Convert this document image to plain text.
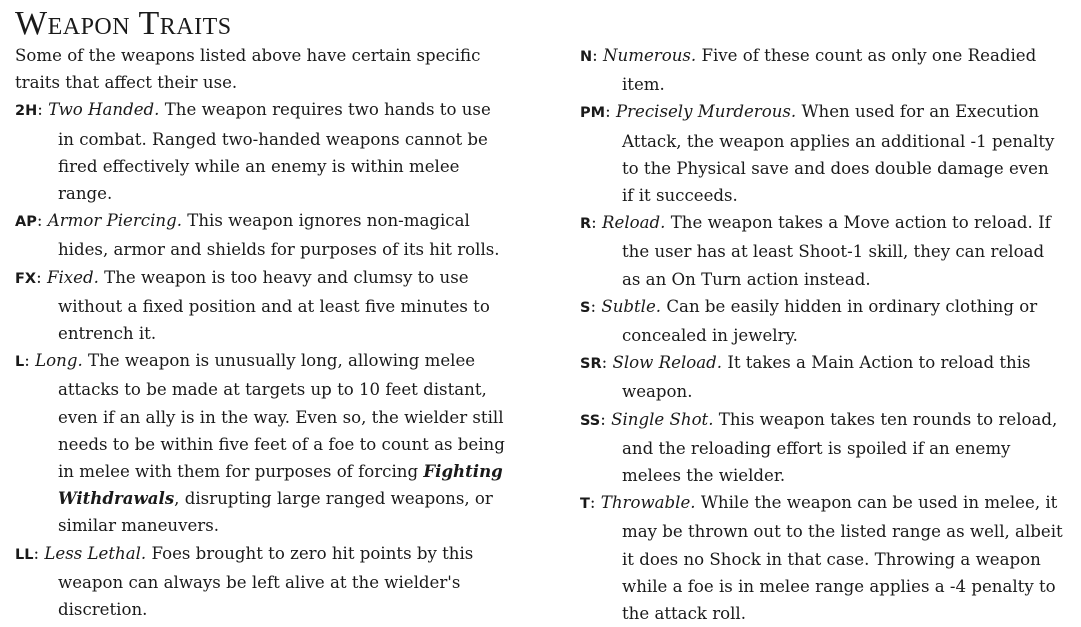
Weapon Traits

Some of the weapons listed above have certain specific traits that affect their use.

2H: Two Handed. The weapon requires two hands to use in combat. Ranged two-handed weapons cannot be fired effectively while an enemy is within melee range.
AP: Armor Piercing. This weapon ignores non-magical hides, armor and shields for purposes of its hit rolls.
FX: Fixed. The weapon is too heavy and clumsy to use without a fixed position and at least five minutes to entrench it.
L: Long. The weapon is unusually long, allowing melee attacks to be made at targets up to 10 feet distant, even if an ally is in the way. Even so, the wielder still needs to be within five feet of a foe to count as being in melee with them for purposes of forcing Fighting Withdrawals, disrupting large ranged weapons, or similar maneuvers.
LL: Less Lethal. Foes brought to zero hit points by this weapon can always be left alive at the wielder's discretion.
N: Numerous. Five of these count as only one Readied item.
PM: Precisely Murderous. When used for an Execution Attack, the weapon applies an additional -1 penalty to the Physical save and does double damage even if it succeeds.
R: Reload. The weapon takes a Move action to reload. If the user has at least Shoot-1 skill, they can reload as an On Turn action instead.
S: Subtle. Can be easily hidden in ordinary clothing or concealed in jewelry.
SR: Slow Reload. It takes a Main Action to reload this weapon.
SS: Single Shot. This weapon takes ten rounds to reload, and the reloading effort is spoiled if an enemy melees the wielder.
T: Throwable. While the weapon can be used in melee, it may be thrown out to the listed range as well, albeit it does no Shock in that case. Throwing a weapon while a foe is in melee range applies a -4 penalty to the attack roll.
